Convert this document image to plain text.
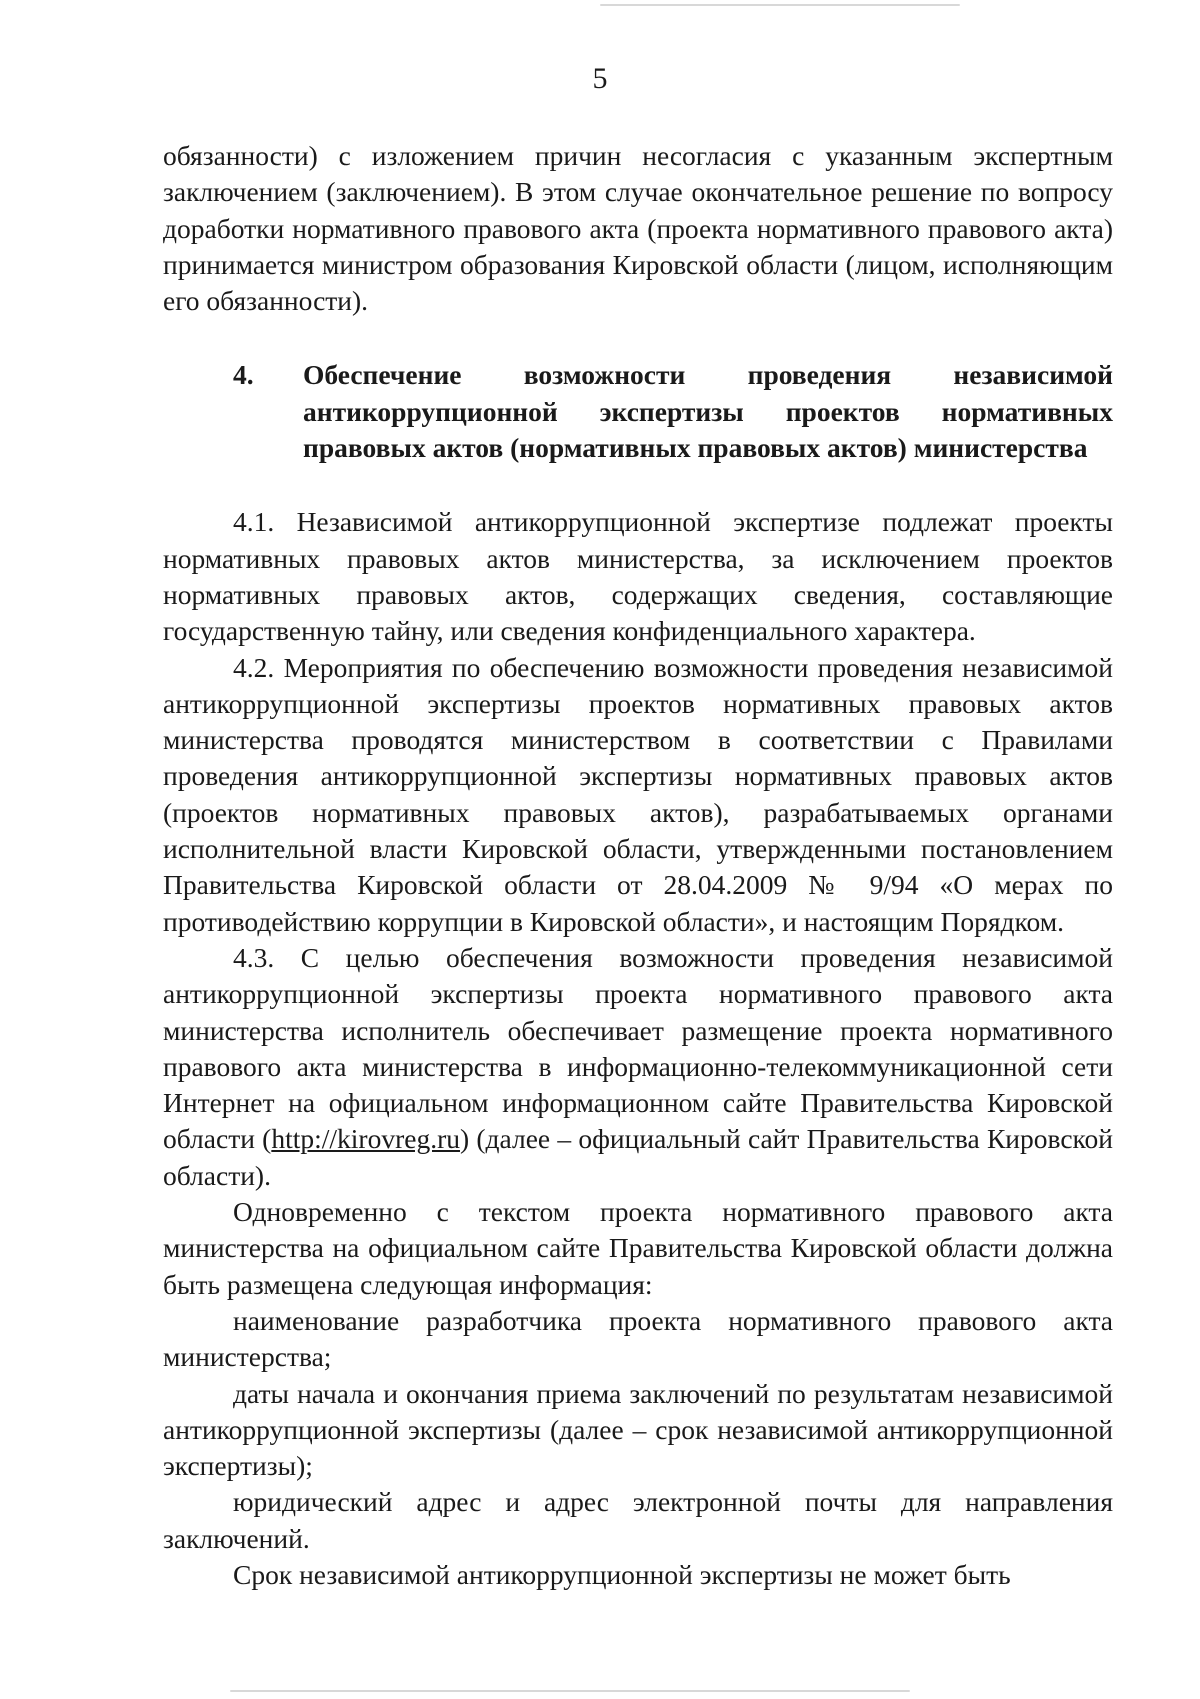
5

обязанности) с изложением причин несогласия с указанным экспертным заключением (заключением). В этом случае окончательное решение по вопросу доработки нормативного правового акта (проекта нормативного правового акта) принимается министром образования Кировской области (лицом, исполняющим его обязанности).

4.	Обеспечение возможности проведения независимой антикоррупционной экспертизы проектов нормативных правовых актов (нормативных правовых актов) министерства

4.1. Независимой антикоррупционной экспертизе подлежат проекты нормативных правовых актов министерства, за исключением проектов нормативных правовых актов, содержащих сведения, составляющие государственную тайну, или сведения конфиденциального характера.

4.2. Мероприятия по обеспечению возможности проведения независимой антикоррупционной экспертизы проектов нормативных правовых актов министерства проводятся министерством в соответствии с Правилами проведения антикоррупционной экспертизы нормативных правовых актов (проектов нормативных правовых актов), разрабатываемых органами исполнительной власти Кировской области, утвержденными постановлением Правительства Кировской области от 28.04.2009 № 9/94 «О мерах по противодействию коррупции в Кировской области», и настоящим Порядком.

4.3. С целью обеспечения возможности проведения независимой антикоррупционной экспертизы проекта нормативного правового акта министерства исполнитель обеспечивает размещение проекта нормативного правового акта министерства в информационно-телекоммуникационной сети Интернет на официальном информационном сайте Правительства Кировской области (http://kirovreg.ru) (далее – официальный сайт Правительства Кировской области).

Одновременно с текстом проекта нормативного правового акта министерства на официальном сайте Правительства Кировской области должна быть размещена следующая информация:

наименование разработчика проекта нормативного правового акта министерства;

даты начала и окончания приема заключений по результатам независимой антикоррупционной экспертизы (далее – срок независимой антикоррупционной экспертизы);

юридический адрес и адрес электронной почты для направления заключений.

Срок независимой антикоррупционной экспертизы не может быть
